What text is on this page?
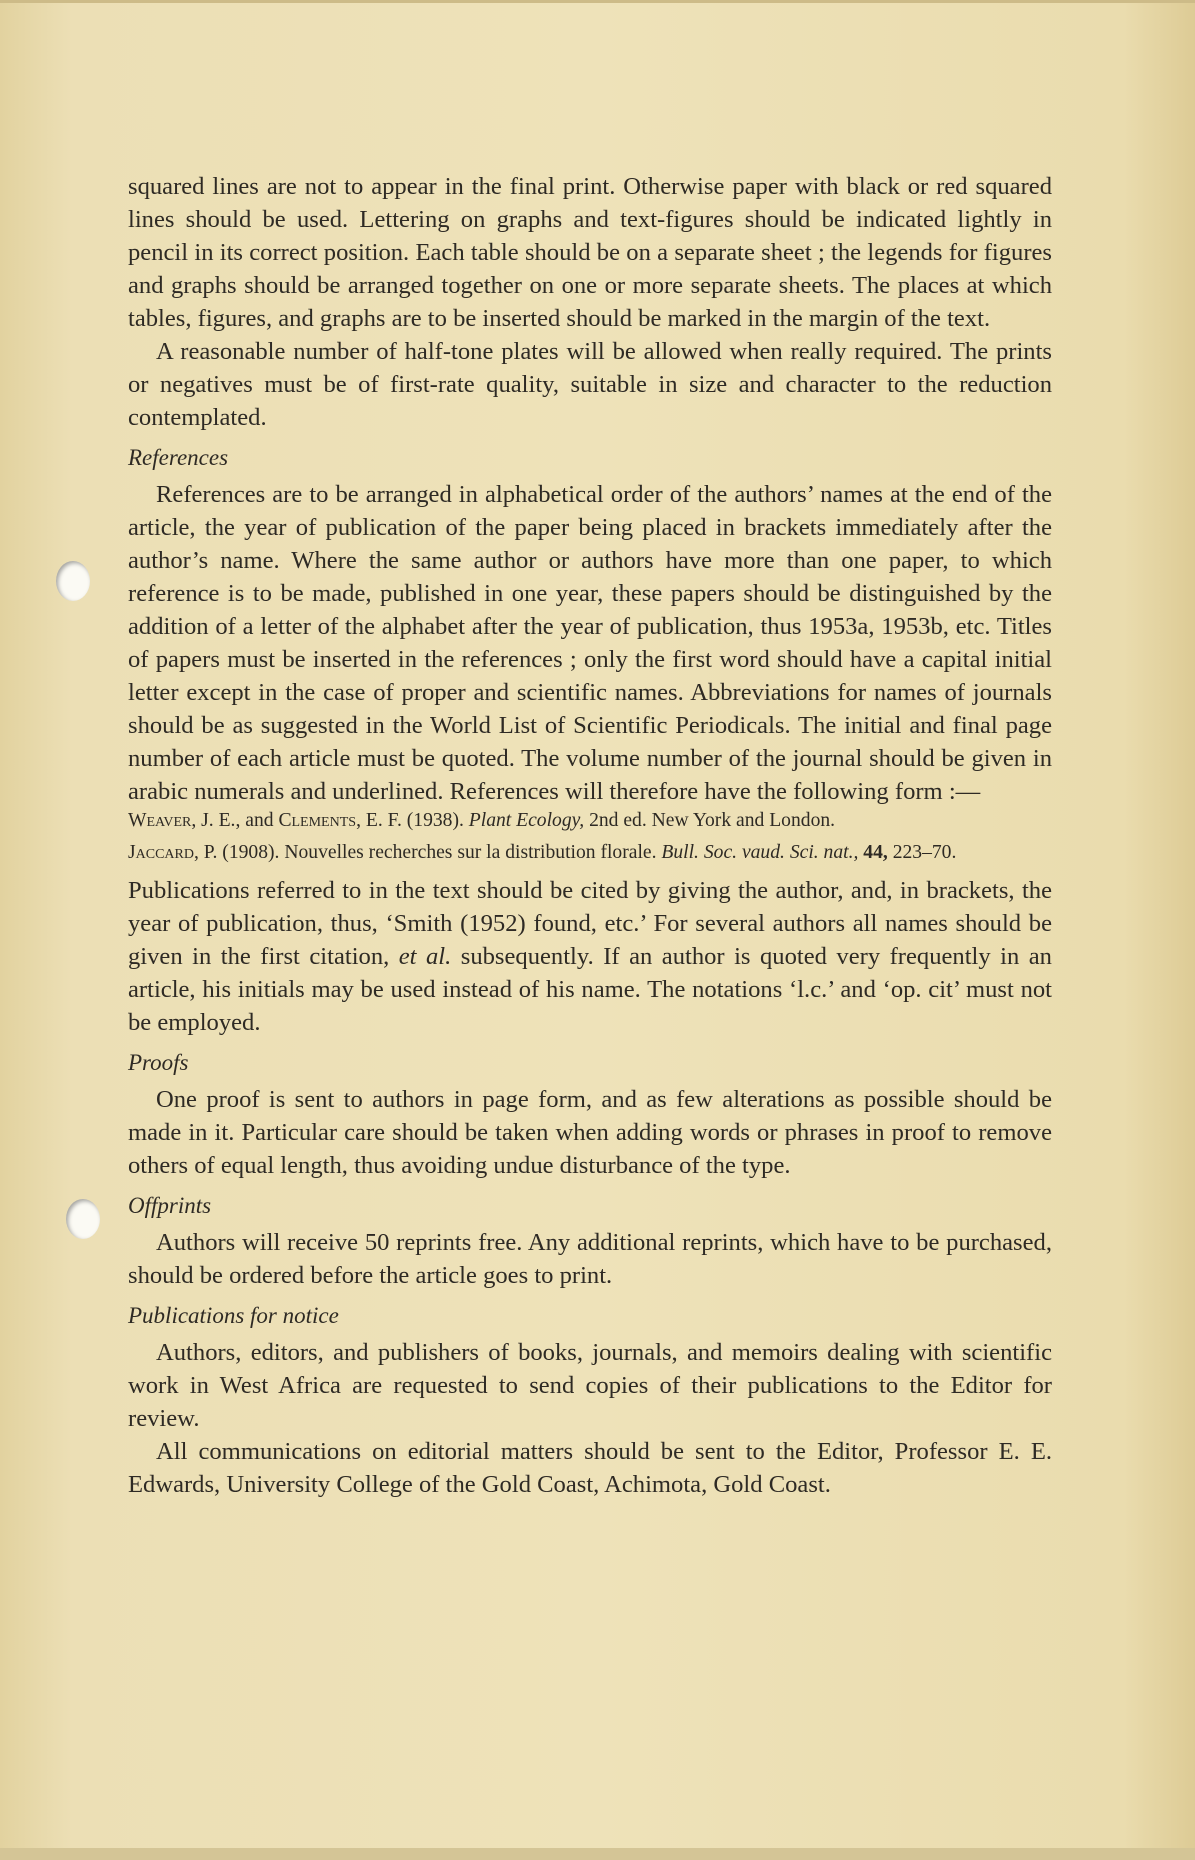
squared lines are not to appear in the final print. Otherwise paper with black or red squared lines should be used. Lettering on graphs and text-figures should be indicated lightly in pencil in its correct position. Each table should be on a separate sheet ; the legends for figures and graphs should be arranged together on one or more separate sheets. The places at which tables, figures, and graphs are to be inserted should be marked in the margin of the text.

A reasonable number of half-tone plates will be allowed when really required. The prints or negatives must be of first-rate quality, suitable in size and character to the reduction contemplated.

References

References are to be arranged in alphabetical order of the authors’ names at the end of the article, the year of publication of the paper being placed in brackets immediately after the author’s name. Where the same author or authors have more than one paper, to which reference is to be made, published in one year, these papers should be distinguished by the addition of a letter of the alphabet after the year of publication, thus 1953a, 1953b, etc. Titles of papers must be inserted in the references ; only the first word should have a capital initial letter except in the case of proper and scientific names. Abbreviations for names of journals should be as suggested in the World List of Scientific Periodicals. The initial and final page number of each article must be quoted. The volume number of the journal should be given in arabic numerals and underlined. References will therefore have the following form :—

Weaver, J. E., and Clements, E. F. (1938). Plant Ecology, 2nd ed. New York and London.

Jaccard, P. (1908). Nouvelles recherches sur la distribution florale. Bull. Soc. vaud. Sci. nat., 44, 223–70.

Publications referred to in the text should be cited by giving the author, and, in brackets, the year of publication, thus, ‘Smith (1952) found, etc.’ For several authors all names should be given in the first citation, et al. subsequently. If an author is quoted very frequently in an article, his initials may be used instead of his name. The notations ‘l.c.’ and ‘op. cit’ must not be employed.

Proofs

One proof is sent to authors in page form, and as few alterations as possible should be made in it. Particular care should be taken when adding words or phrases in proof to remove others of equal length, thus avoiding undue disturbance of the type.

Offprints

Authors will receive 50 reprints free. Any additional reprints, which have to be purchased, should be ordered before the article goes to print.

Publications for notice

Authors, editors, and publishers of books, journals, and memoirs dealing with scientific work in West Africa are requested to send copies of their publications to the Editor for review.

All communications on editorial matters should be sent to the Editor, Professor E. E. Edwards, University College of the Gold Coast, Achimota, Gold Coast.
